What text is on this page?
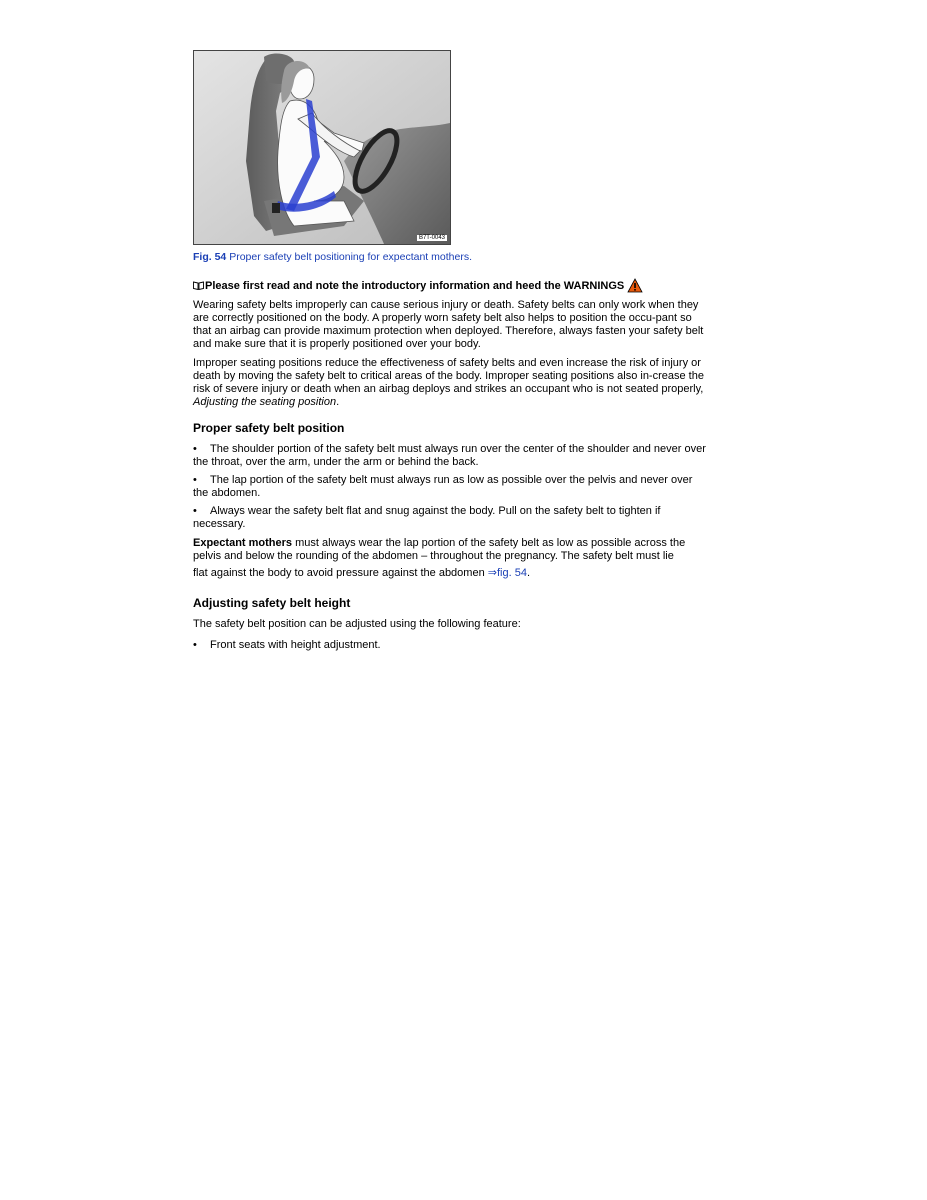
B7T-0043
Fig. 54 Proper safety belt positioning for expectant mothers.
Please first read and note the introductory information and heed the WARNINGS

Wearing safety belts improperly can cause serious injury or death. Safety belts can only work when they are correctly positioned on the body. A properly worn safety belt also helps to position the occu-pant so that an airbag can provide maximum protection when deployed. Therefore, always fasten your safety belt and make sure that it is properly positioned over your body.

Improper seating positions reduce the effectiveness of safety belts and even increase the risk of injury or death by moving the safety belt to critical areas of the body. Improper seating positions also in-crease the risk of severe injury or death when an airbag deploys and strikes an occupant who is not seated properly, Adjusting the seating position.

Proper safety belt position
• The shoulder portion of the safety belt must always run over the center of the shoulder and never over the throat, over the arm, under the arm or behind the back.
• The lap portion of the safety belt must always run as low as possible over the pelvis and never over the abdomen.
• Always wear the safety belt flat and snug against the body. Pull on the safety belt to tighten if necessary.

Expectant mothers must always wear the lap portion of the safety belt as low as possible across the pelvis and below the rounding of the abdomen – throughout the pregnancy. The safety belt must lie

flat against the body to avoid pressure against the abdomen ⇒fig. 54.

Adjusting safety belt height

The safety belt position can be adjusted using the following feature:

• Front seats with height adjustment.
